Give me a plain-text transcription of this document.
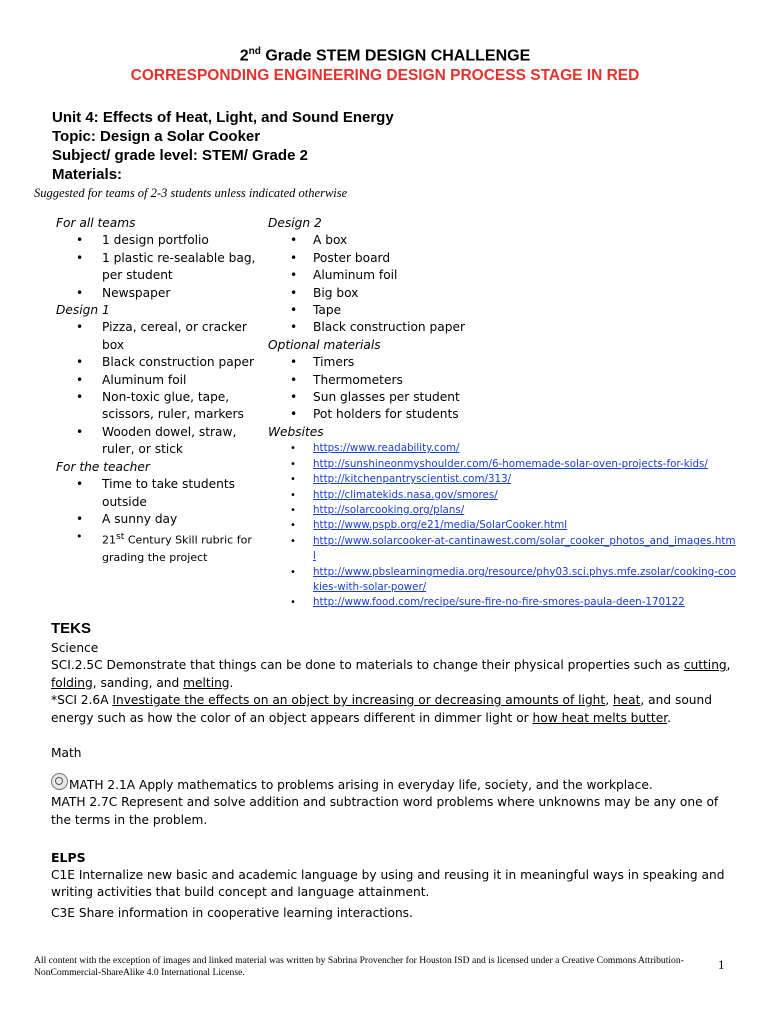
2nd Grade STEM DESIGN CHALLENGE
CORRESPONDING ENGINEERING DESIGN PROCESS STAGE IN RED
Unit 4: Effects of Heat, Light, and Sound Energy
Topic: Design a Solar Cooker
Subject/ grade level: STEM/ Grade 2
Materials:
Suggested for teams of 2-3 students unless indicated otherwise
For all teams
• 1 design portfolio
• 1 plastic re-sealable bag, per student
• Newspaper
Design 1
• Pizza, cereal, or cracker box
• Black construction paper
• Aluminum foil
• Non-toxic glue, tape, scissors, ruler, markers
• Wooden dowel, straw, ruler, or stick
For the teacher
• Time to take students outside
• A sunny day
• 21st Century Skill rubric for grading the project
Design 2
• A box
• Poster board
• Aluminum foil
• Big box
• Tape
• Black construction paper
Optional materials
• Timers
• Thermometers
• Sun glasses per student
• Pot holders for students
Websites
• https://www.readability.com/
• http://sunshineonmyshoulder.com/6-homemade-solar-oven-projects-for-kids/
• http://kitchenpantryscientist.com/313/
• http://climatekids.nasa.gov/smores/
• http://solarcooking.org/plans/
• http://www.pspb.org/e21/media/SolarCooker.html
• http://www.solarcooker-at-cantinawest.com/solar_cooker_photos_and_images.html
• http://www.pbslearningmedia.org/resource/phy03.sci.phys.mfe.zsolar/cooking-cookies-with-solar-power/
• http://www.food.com/recipe/sure-fire-no-fire-smores-paula-deen-170122
TEKS

Science

SCI.2.5C Demonstrate that things can be done to materials to change their physical properties such as cutting, folding, sanding, and melting.

*SCI 2.6A Investigate the effects on an object by increasing or decreasing amounts of light, heat, and sound energy such as how the color of an object appears different in dimmer light or how heat melts butter.

Math

MATH 2.1A Apply mathematics to problems arising in everyday life, society, and the workplace.

MATH 2.7C Represent and solve addition and subtraction word problems where unknowns may be any one of the terms in the problem.

ELPS

C1E Internalize new basic and academic language by using and reusing it in meaningful ways in speaking and writing activities that build concept and language attainment.

C3E Share information in cooperative learning interactions.

All content with the exception of images and linked material was written by Sabrina Provencher for Houston ISD and is licensed under a Creative Commons Attribution-NonCommercial-ShareAlike 4.0 International License.
1
